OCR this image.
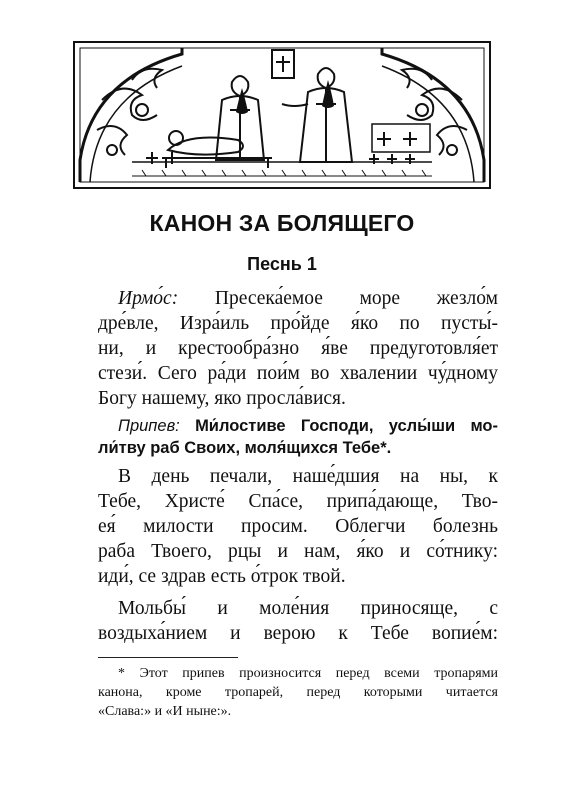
КАНОН ЗА БОЛЯЩЕГО
Песнь 1
Ирмо́с: Пресека́емое море жезло́м
дре́вле, Изра́иль про́йде я́ко по пусты́-
ни, и крестообра́зно я́ве предуготовля́ет
стези́. Сего ра́ди пои́м во хвалении чу́дному
Богу нашему, яко просла́вися.
Припев: Ми́лостиве Господи, услы́ши мо-
ли́тву раб Своих, моля́щихся Тебе*.
В день печали, наше́дшия на ны, к
Тебе, Христе́ Спа́се, припа́дающе, Тво-
ея́ милости просим. Облегчи болезнь
раба Твоего, рцы и нам, я́ко и со́тнику:
иди́, се здрав есть о́трок твой.
Мольбы́ и моле́ния приносяще, с
воздыха́нием и верою к Тебе вопие́м:
* Этот припев произносится перед всеми тропарями
канона, кроме тропарей, перед которыми читается
«Слава:» и «И ныне:».
